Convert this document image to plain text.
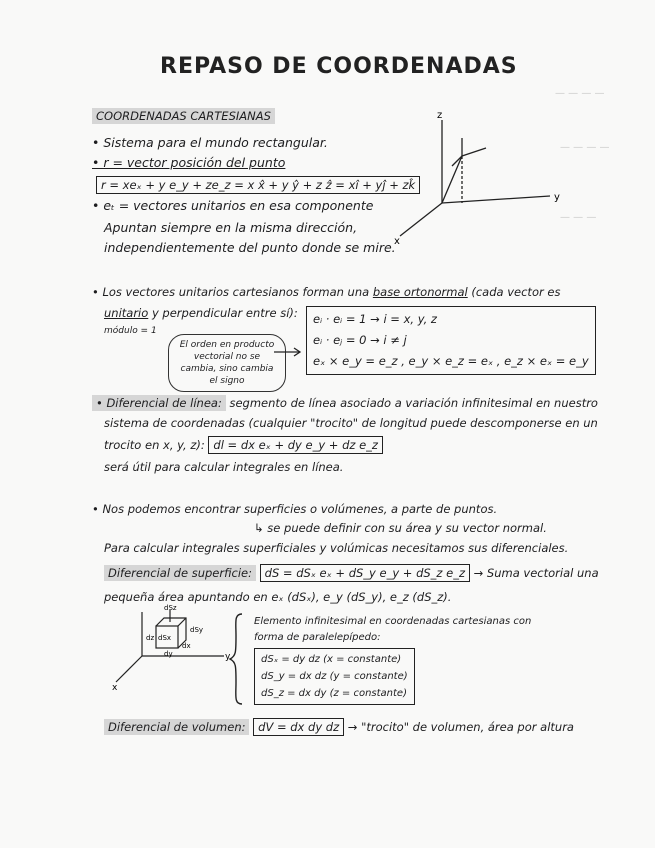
— — — —
— — — —
— — —
REPASO DE COORDENADAS
COORDENADAS CARTESIANAS
• Sistema para el mundo rectangular.
• r = vector posición del punto
r = xeₓ + y e_y + ze_z = x x̂ + y ŷ + z ẑ = xî + yĵ + zk̂
• eₜ = vectores unitarios en esa componente
Apuntan siempre en la misma dirección,
independientemente del punto donde se mire.
z
y
x
• Los vectores unitarios cartesianos forman una base ortonormal (cada vector es
unitario y perpendicular entre sí):
módulo = 1
El orden en producto vectorial no se cambia, sino cambia el signo
eᵢ · eᵢ = 1 → i = x, y, z
eᵢ · eⱼ = 0 → i ≠ j
eₓ × e_y = e_z , e_y × e_z = eₓ , e_z × eₓ = e_y
• Diferencial de línea: segmento de línea asociado a variación infinitesimal en nuestro
sistema de coordenadas (cualquier "trocito" de longitud puede descomponerse en un
trocito en x, y, z): dl = dx eₓ + dy e_y + dz e_z
será útil para calcular integrales en línea.
• Nos podemos encontrar superficies o volúmenes, a parte de puntos.
↳ se puede definir con su área y su vector normal.
Para calcular integrales superficiales y volúmicas necesitamos sus diferenciales.
Diferencial de superficie: dS = dSₓ eₓ + dS_y e_y + dS_z e_z → Suma vectorial una
pequeña área apuntando en eₓ (dSₓ), e_y (dS_y), e_z (dS_z).
dSz
dSy
dSx
dz
dy
dx
y
x
Elemento infinitesimal en coordenadas cartesianas con
forma de paralelepípedo:
dSₓ = dy dz (x = constante)
dS_y = dx dz (y = constante)
dS_z = dx dy (z = constante)
Diferencial de volumen: dV = dx dy dz → "trocito" de volumen, área por altura
